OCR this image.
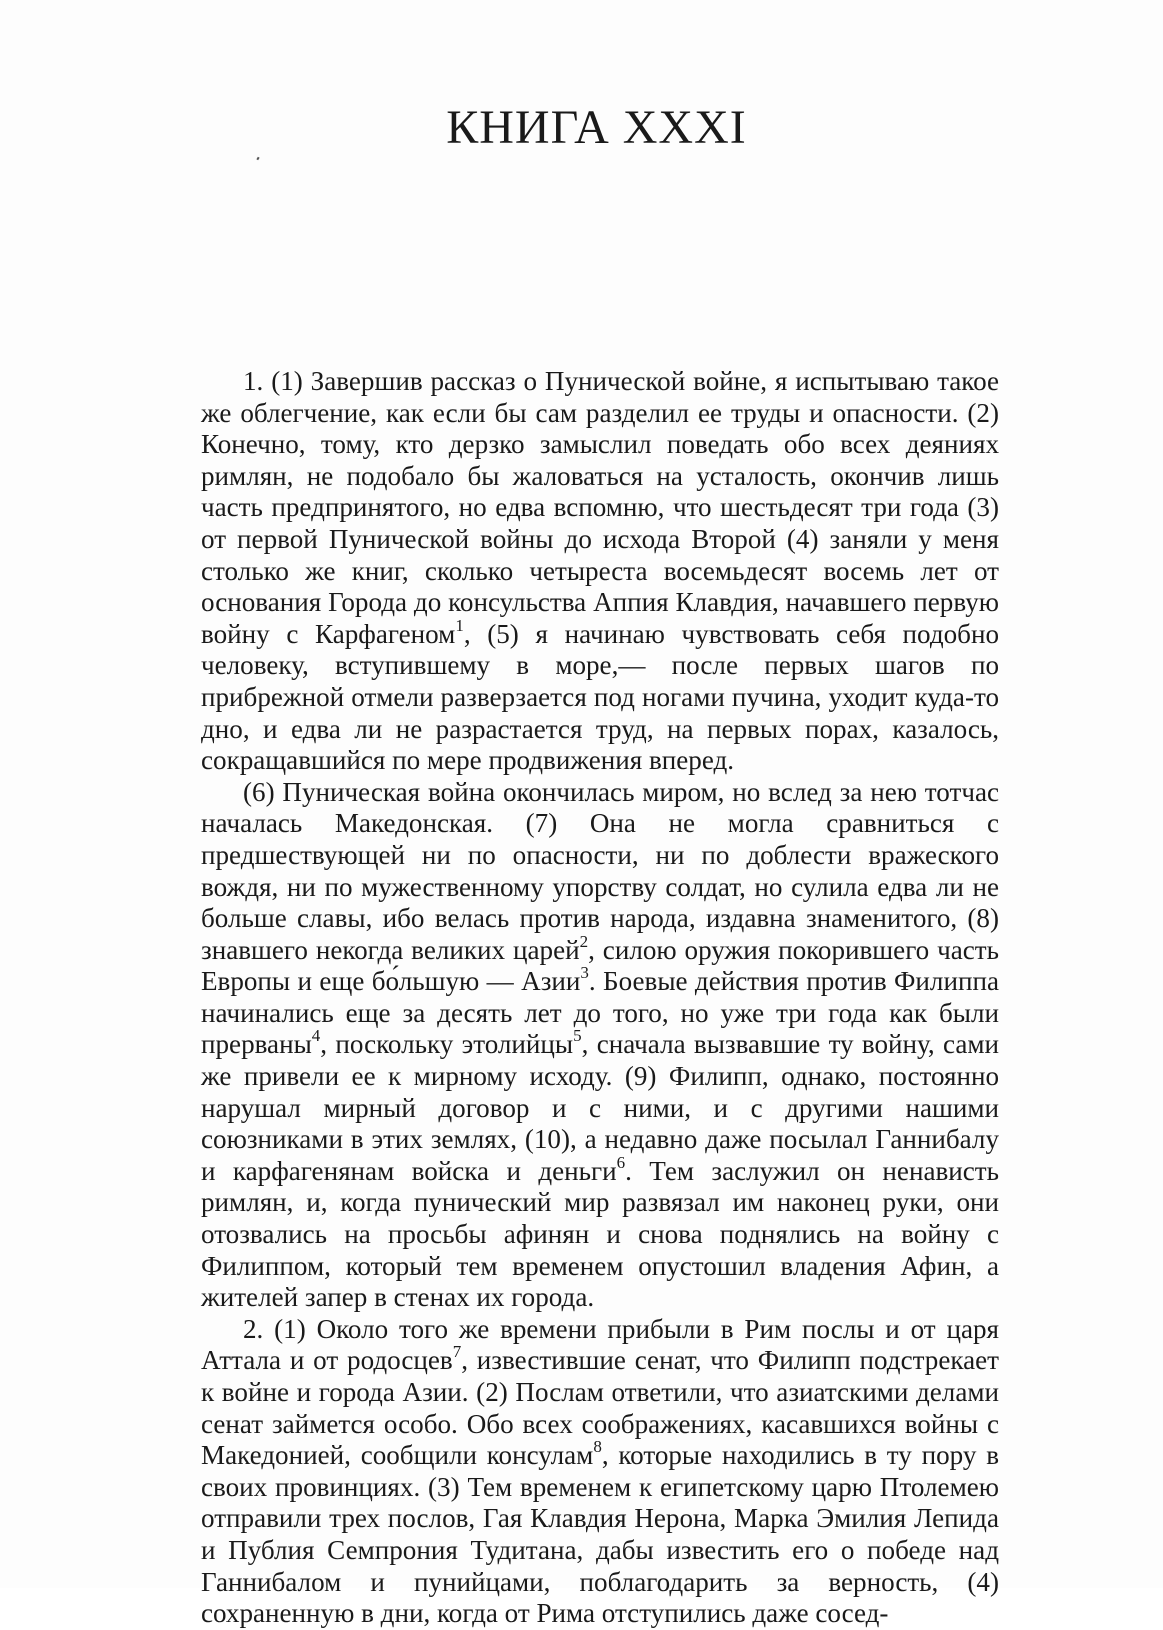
КНИГА XXXI

1. (1) Завершив рассказ о Пунической войне, я испытываю такое же облегчение, как если бы сам разделил ее труды и опасности. (2) Конечно, тому, кто дерзко замыслил поведать обо всех деяниях римлян, не подобало бы жаловаться на усталость, окончив лишь часть предпринятого, но едва вспомню, что шестьдесят три года (3) от первой Пунической войны до исхода Второй (4) заняли у меня столько же книг, сколько четыреста восемьдесят восемь лет от основания Города до консульства Аппия Клавдия, начавшего первую войну с Карфагеном$^1$, (5) я начинаю чувствовать себя подобно человеку, вступившему в море,— после первых шагов по прибрежной отмели разверзается под ногами пучина, уходит куда-то дно, и едва ли не разрастается труд, на первых порах, казалось, сокращавшийся по мере продвижения вперед.

(6) Пуническая война окончилась миром, но вслед за нею тотчас началась Македонская. (7) Она не могла сравниться с предшествующей ни по опасности, ни по доблести вражеского вождя, ни по мужественному упорству солдат, но сулила едва ли не больше славы, ибо велась против народа, издавна знаменитого, (8) знавшего некогда великих царей$^2$, силою оружия покорившего часть Европы и еще бо́льшую — Азии$^3$. Боевые действия против Филиппа начинались еще за десять лет до того, но уже три года как были прерваны$^4$, поскольку этолийцы$^5$, сначала вызвавшие ту войну, сами же привели ее к мирному исходу. (9) Филипп, однако, постоянно нарушал мирный договор и с ними, и с другими нашими союзниками в этих землях, (10), а недавно даже посылал Ганнибалу и карфагенянам войска и деньги$^6$. Тем заслужил он ненависть римлян, и, когда пунический мир развязал им наконец руки, они отозвались на просьбы афинян и снова поднялись на войну с Филиппом, который тем временем опустошил владения Афин, а жителей запер в стенах их города.

2. (1) Около того же времени прибыли в Рим послы и от царя Аттала и от родосцев$^7$, известившие сенат, что Филипп подстрекает к войне и города Азии. (2) Послам ответили, что азиатскими делами сенат займется особо. Обо всех соображениях, касавшихся войны с Македонией, сообщили консулам$^8$, которые находились в ту пору в своих провинциях. (3) Тем временем к египетскому царю Птолемею отправили трех послов, Гая Клавдия Нерона, Марка Эмилия Лепида и Публия Семпрония Тудитана, дабы известить его о победе над Ганнибалом и пунийцами, поблагодарить за верность, (4) сохраненную в дни, когда от Рима отступились даже сосед-
